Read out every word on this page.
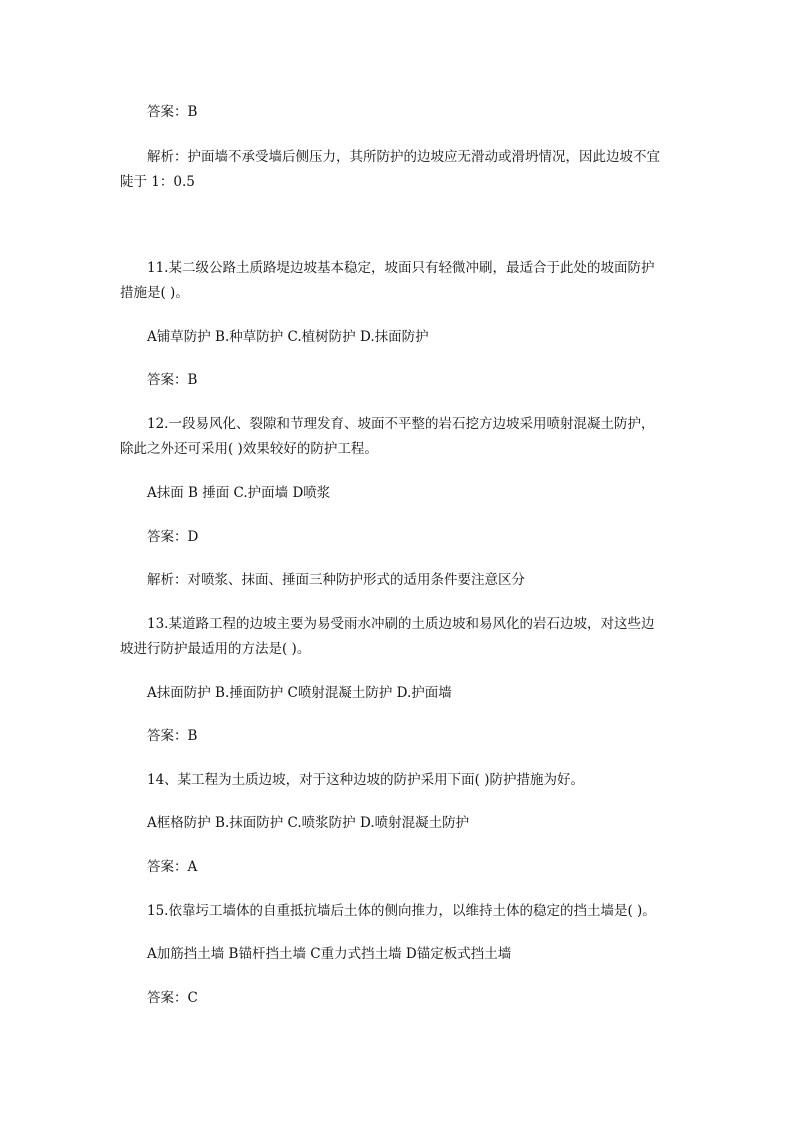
答案：B
解析：护面墙不承受墙后侧压力，其所防护的边坡应无滑动或滑坍情况，因此边坡不宜
陡于 1：0.5
11.某二级公路土质路堤边坡基本稳定，坡面只有轻微冲刷，最适合于此处的坡面防护
措施是( )。
A铺草防护 B.种草防护 C.植树防护 D.抹面防护
答案：B
12.一段易风化、裂隙和节理发育、坡面不平整的岩石挖方边坡采用喷射混凝土防护，
除此之外还可采用( )效果较好的防护工程。
A抹面 B 捶面 C.护面墙 D喷浆
答案：D
解析：对喷浆、抹面、捶面三种防护形式的适用条件要注意区分
13.某道路工程的边坡主要为易受雨水冲刷的土质边坡和易风化的岩石边坡，对这些边
坡进行防护最适用的方法是( )。
A抹面防护 B.捶面防护 C喷射混凝土防护 D.护面墙
答案：B
14、某工程为土质边坡，对于这种边坡的防护采用下面( )防护措施为好。
A框格防护 B.抹面防护 C.喷浆防护 D.喷射混凝土防护
答案：A
15.依靠圬工墙体的自重抵抗墙后土体的侧向推力，以维持土体的稳定的挡土墙是( )。
A加筋挡土墙 B锚杆挡土墙 C重力式挡土墙 D锚定板式挡土墙
答案：C
